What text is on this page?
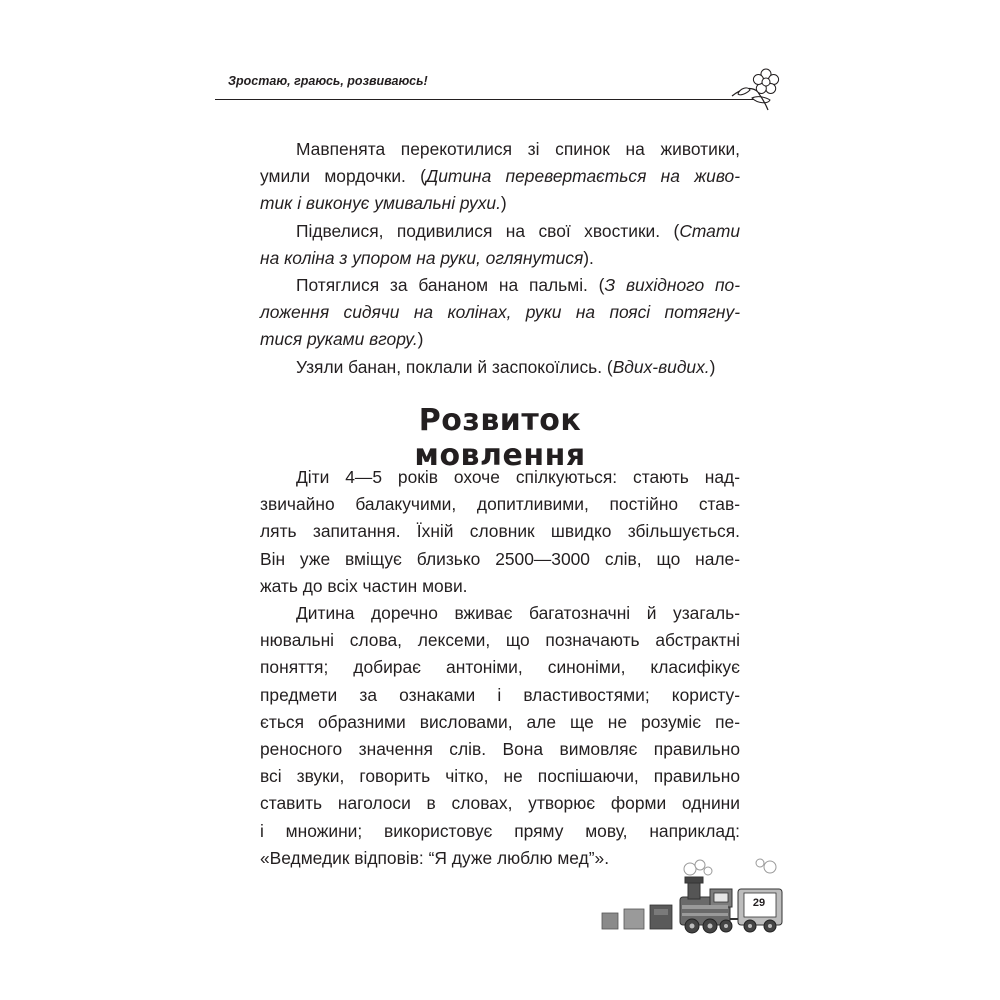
Зростаю, граюсь, розвиваюсь!

Мавпенята перекотилися зі спинок на животики,

умили мордочки. (Дитина перевертається на живо-

тик і виконує умивальні рухи.)

Підвелися, подивилися на свої хвостики. (Стати

на коліна з упором на руки, оглянутися).

Потяглися за бананом на пальмі. (З вихідного по-

ложення сидячи на колінах, руки на поясі потягну-

тися руками вгору.)

Узяли банан, поклали й заспокоїлись. (Вдих-видих.)

Розвиток мовлення

Діти 4—5 років охоче спілкуються: стають над-

звичайно балакучими, допитливими, постійно став-

лять запитання. Їхній словник швидко збільшується.

Він уже вміщує близько 2500—3000 слів, що нале-

жать до всіх частин мови.

Дитина доречно вживає багатозначні й узагаль-

нювальні слова, лексеми, що позначають абстрактні

поняття; добирає антоніми, синоніми, класифікує

предмети за ознаками і властивостями; користу-

ється образними висловами, але ще не розуміє пе-

реносного значення слів. Вона вимовляє правильно

всі звуки, говорить чітко, не поспішаючи, правильно

ставить наголоси в словах, утворює форми однини

і множини; використовує пряму мову, наприклад:

«Ведмедик відповів: “Я дуже люблю мед”».

29
